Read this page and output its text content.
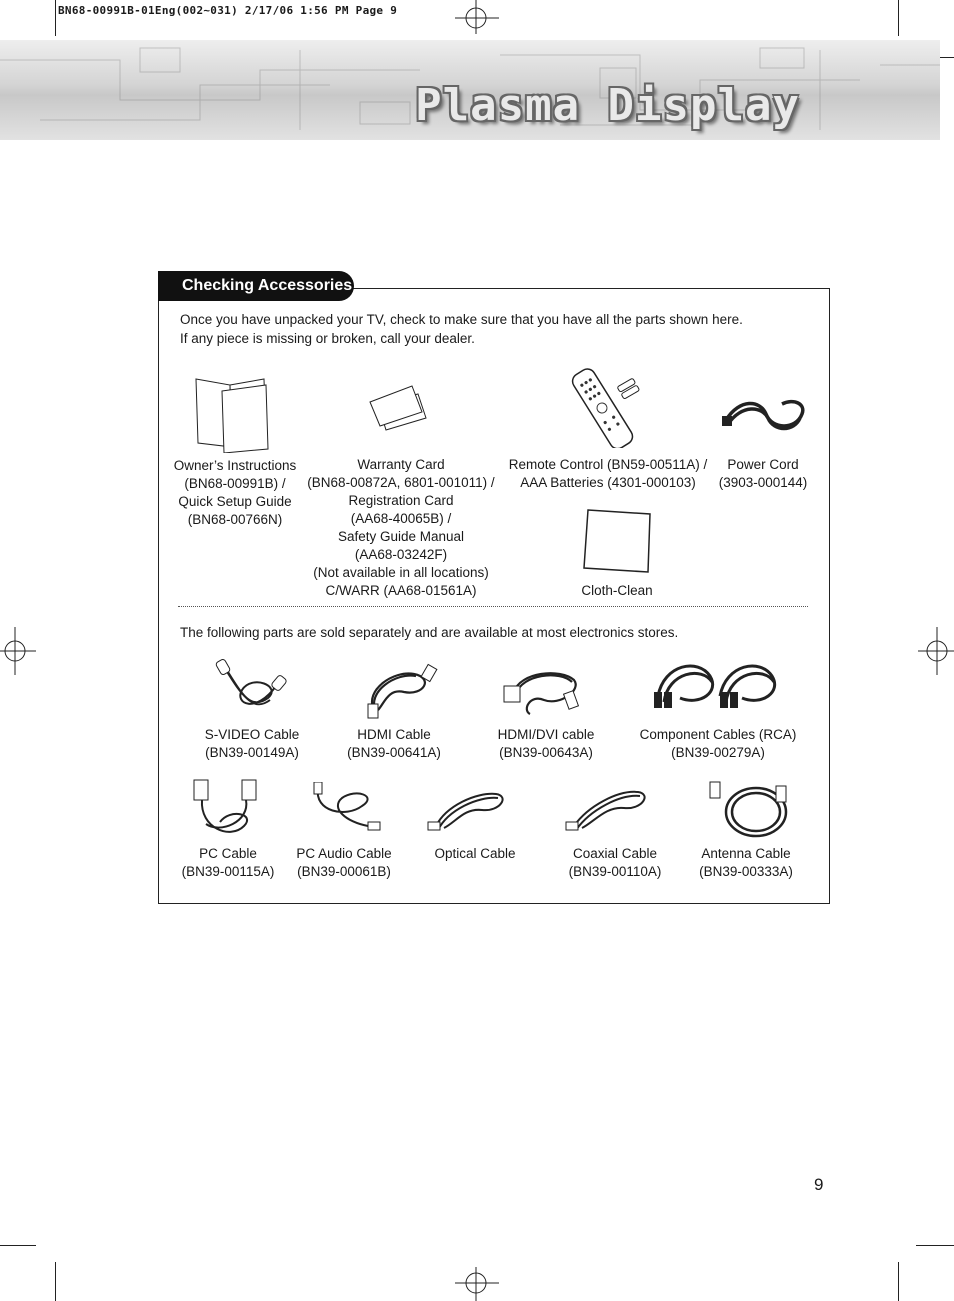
BN68-00991B-01Eng(002~031) 2/17/06 1:56 PM Page 9
Plasma Display
Checking Accessories
Once you have unpacked your TV, check to make sure that you have all the parts shown here.
If any piece is missing or broken, call your dealer.
Owner’s Instructions
(BN68-00991B) /
Quick Setup Guide
(BN68-00766N)
Warranty Card
(BN68-00872A, 6801-001011) /
Registration Card
(AA68-40065B) /
Safety Guide Manual
(AA68-03242F)
(Not available in all locations)
C/WARR (AA68-01561A)
Remote Control (BN59-00511A) /
AAA Batteries (4301-000103)
Power Cord
(3903-000144)
Cloth-Clean
The following parts are sold separately and are available at most electronics stores.
S-VIDEO Cable
(BN39-00149A)
HDMI Cable
(BN39-00641A)
HDMI/DVI cable
(BN39-00643A)
Component Cables (RCA)
(BN39-00279A)
PC Cable
(BN39-00115A)
PC Audio Cable
(BN39-00061B)
Optical Cable	Coaxial Cable
(BN39-00110A)
Antenna Cable
(BN39-00333A)
9
